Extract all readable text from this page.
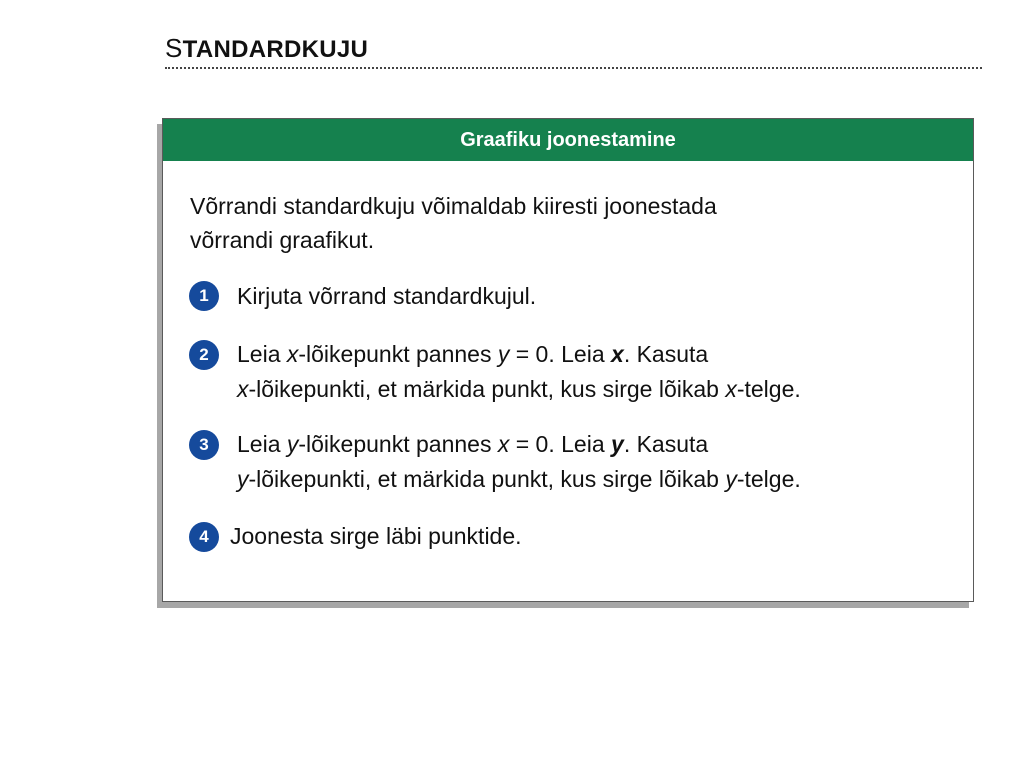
STANDARDKUJU
Graafiku joonestamine
Võrrandi standardkuju võimaldab kiiresti joonestada
võrrandi graafikut.
1	Kirjuta võrrand standardkujul.
2	Leia x-lõikepunkt pannes y = 0. Leia x. Kasuta
x-lõikepunkti, et märkida punkt, kus sirge lõikab x-telge.
3	Leia y-lõikepunkt pannes x = 0. Leia y. Kasuta
y-lõikepunkti, et märkida punkt, kus sirge lõikab y-telge.
4 Joonesta sirge läbi punktide.
